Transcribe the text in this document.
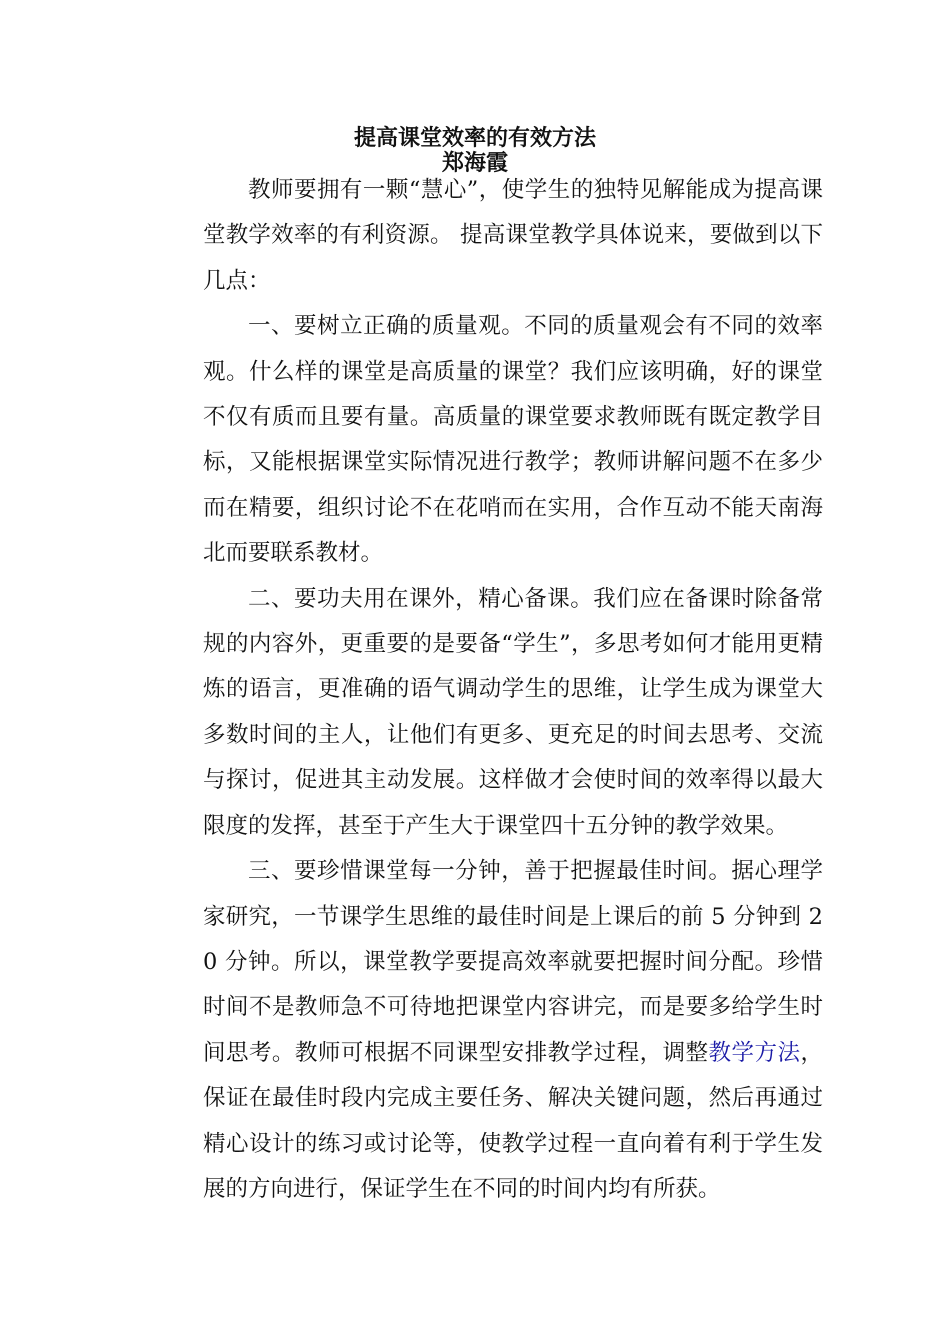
提高课堂效率的有效方法
郑海霞

教师要拥有一颗“慧心”，使学生的独特见解能成为提高课堂教学效率的有利资源。 提高课堂教学具体说来，要做到以下几点：

一、要树立正确的质量观。不同的质量观会有不同的效率观。什么样的课堂是高质量的课堂？我们应该明确，好的课堂不仅有质而且要有量。高质量的课堂要求教师既有既定教学目标，又能根据课堂实际情况进行教学；教师讲解问题不在多少而在精要，组织讨论不在花哨而在实用，合作互动不能天南海北而要联系教材。

二、要功夫用在课外，精心备课。我们应在备课时除备常规的内容外，更重要的是要备“学生”，多思考如何才能用更精炼的语言，更准确的语气调动学生的思维，让学生成为课堂大多数时间的主人，让他们有更多、更充足的时间去思考、交流与探讨，促进其主动发展。这样做才会使时间的效率得以最大限度的发挥，甚至于产生大于课堂四十五分钟的教学效果。

三、要珍惜课堂每一分钟，善于把握最佳时间。据心理学家研究，一节课学生思维的最佳时间是上课后的前 5 分钟到 20 分钟。所以，课堂教学要提高效率就要把握时间分配。珍惜时间不是教师急不可待地把课堂内容讲完，而是要多给学生时间思考。教师可根据不同课型安排教学过程，调整教学方法，保证在最佳时段内完成主要任务、解决关键问题，然后再通过精心设计的练习或讨论等，使教学过程一直向着有利于学生发展的方向进行，保证学生在不同的时间内均有所获。
